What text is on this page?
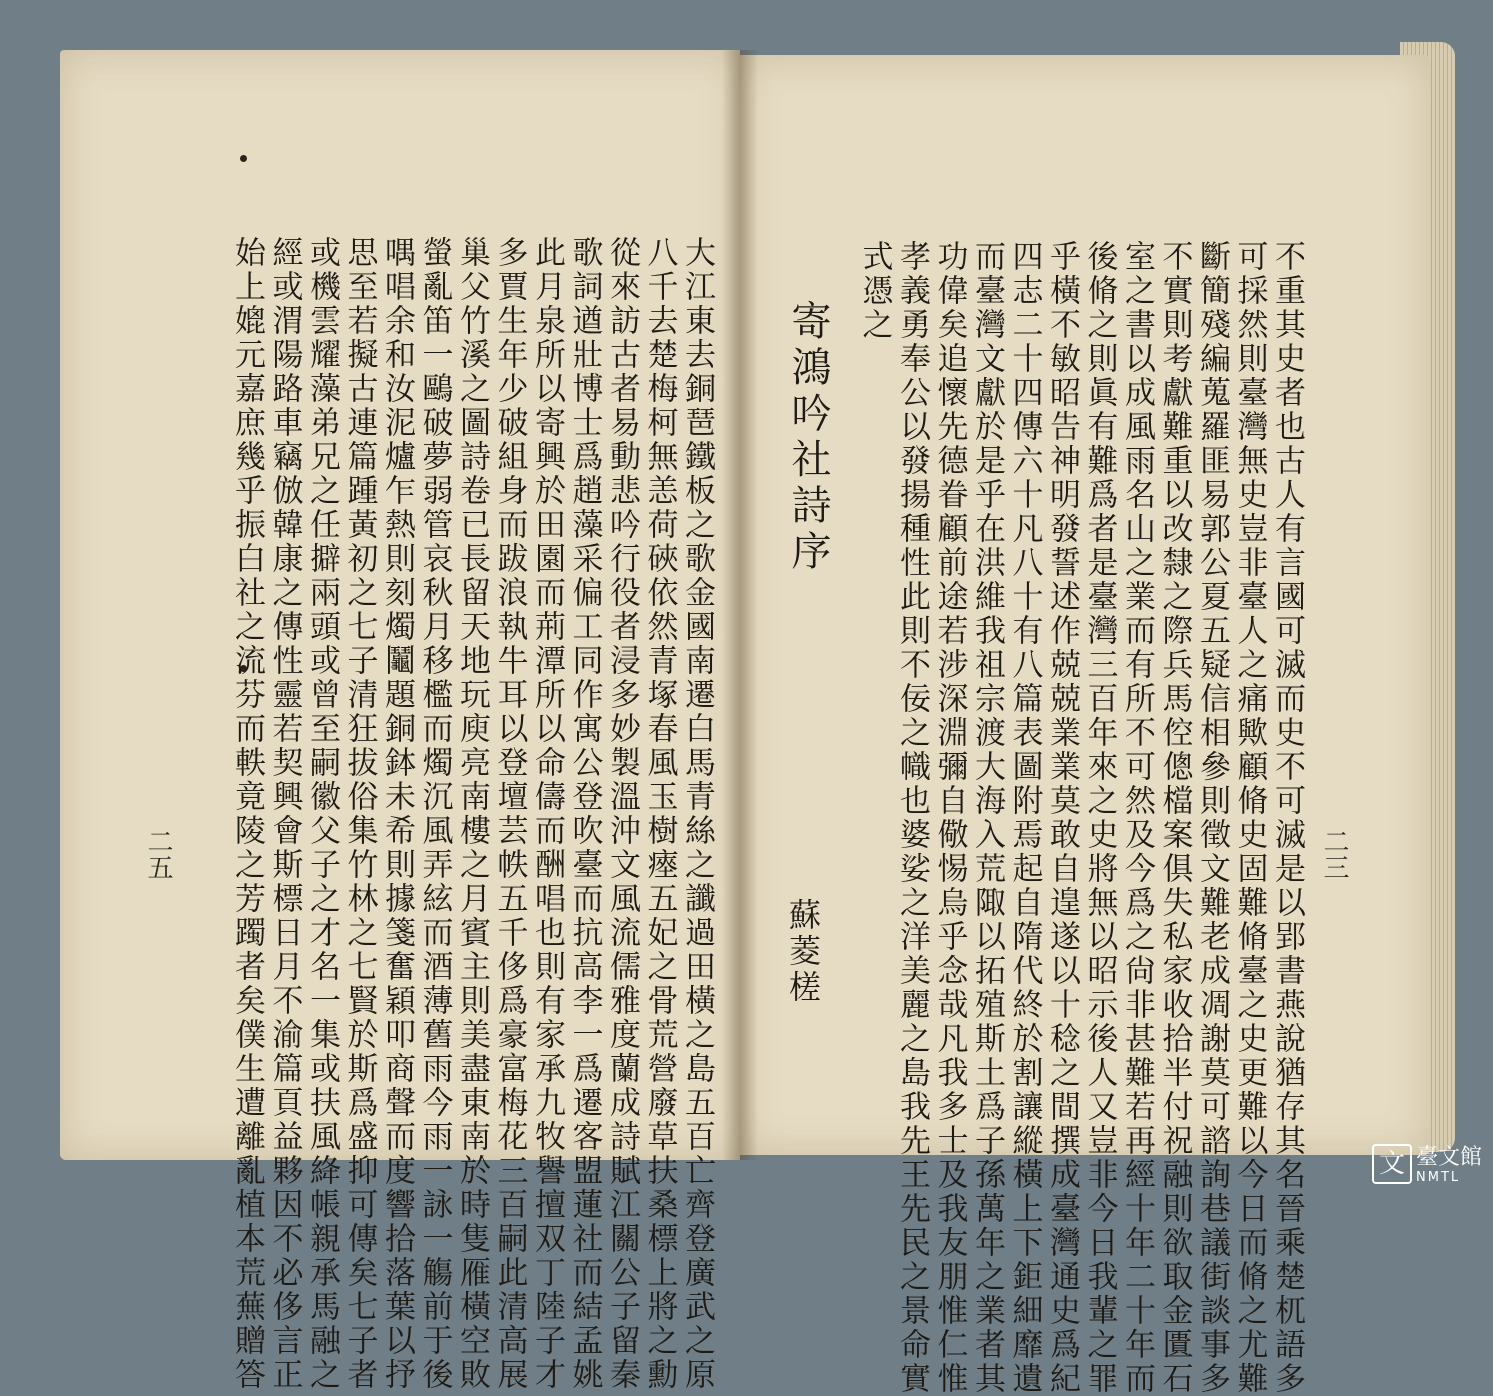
二三
不重其史者也古人有言國可滅而史不可滅是以郢書燕說猶存其名晉乘楚杌語多
可採然則臺灣無史豈非臺人之痛歟顧脩史固難脩臺之史更難以今日而脩之尤難
斷簡殘編蒐羅匪易郭公夏五疑信相參則徵文難老成凋謝莫可諮詢巷議街談事多
不實則考獻難重以改隸之際兵馬倥傯檔案俱失私家收拾半付祝融則欲取金匱石
室之書以成風雨名山之業而有所不可然及今爲之尙非甚難若再經十年二十年而
後脩之則眞有難爲者是臺灣三百年來之史將無以昭示後人又豈非今日我輩之罪
乎橫不敏昭告神明發誓述作兢兢業業莫敢自遑遂以十稔之間撰成臺灣通史爲紀
四志二十四傳六十凡八十有八篇表圖附焉起自隋代終於割讓縱橫上下鉅細靡遺
而臺灣文獻於是乎在洪維我祖宗渡大海入荒陬以拓殖斯土爲子孫萬年之業者其
功偉矣追懷先德眷顧前途若涉深淵彌自儆惕烏乎念哉凡我多士及我友朋惟仁惟
孝義勇奉公以發揚種性此則不佞之幟也婆娑之洋美麗之島我先王先民之景命實
式憑之
寄鴻吟社詩序
蘇菱槎
大江東去銅琶鐵板之歌金國南遷白馬青絲之讖過田橫之島五百亡齊登廣武之原
八千去楚梅柯無恙荷硤依然青塚春風玉樹瘞五妃之骨荒營廢草扶桑標上將之勳
從來訪古者易動悲吟行役者浸多妙製溫沖文風流儒雅度蘭成詩賦江關公子留秦
歌詞遒壯博士爲趙藻采偏工同作寓公登吹臺而抗高李一爲遷客盟蓮社而結孟姚
此月泉所以寄興於田園而荊潭所以命儔而酬唱也則有家承九牧譽擅双丁陸子才
多賈生年少破組身而跋浪執牛耳以登壇芸帙五千侈爲豪富梅花三百嗣此清高展
巢父竹溪之圖詩卷已長留天地玩庾亮南樓之月賓主則美盡東南於時隻雁橫空敗
螢亂笛一鷗破夢弱管哀秋月移檻而燭沉風弄絃而酒薄舊雨今雨一詠一觴前于後
喁唱余和汝泥爐乍熱則刻燭鬮題銅鉢未希則據箋奮穎叩商聲而度響拾落葉以抒
思至若擬古連篇踵黃初之七子清狂拔俗集竹林之七賢於斯爲盛抑可傳矣七子者
或機雲耀藻弟兄之任擗兩頭或曾至嗣徽父子之才名一集或扶風絳帳親承馬融之
經或渭陽路車竊倣韓康之傳性靈若契興會斯標日月不渝篇頁益夥因不必侈言正
始上媲元嘉庶幾乎振白社之流芬而軼竟陵之芳躅者矣僕生遭離亂植本荒蕪贈答
二五
文 臺文館
NMTL
